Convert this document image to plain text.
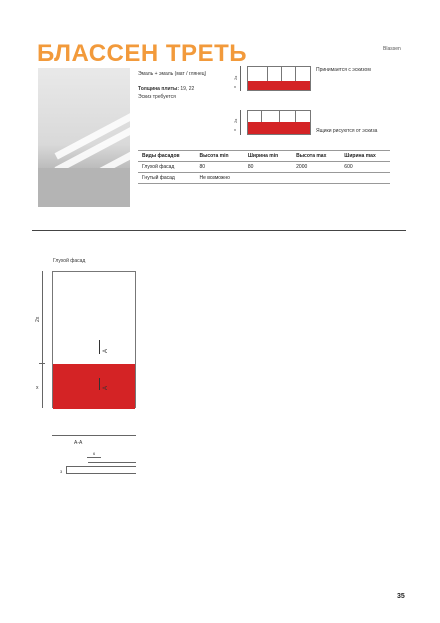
БЛАССЕН ТРЕТЬ	Blassen
Эмаль + эмаль (мат / глянец)
Толщина плиты: 19, 22
Эскиз требуется
2x
x
Принимается с эскизом
2x
x	Ящики рисуются от эскиза
Виды фасадов	Высота min	Ширина min	Высота max	Ширина max
Глухой фасад	80	80	2000	600
Гнутый фасад	Не возможно			
Глухой фасад
A
A
2x
x
А-А
6
3
35
